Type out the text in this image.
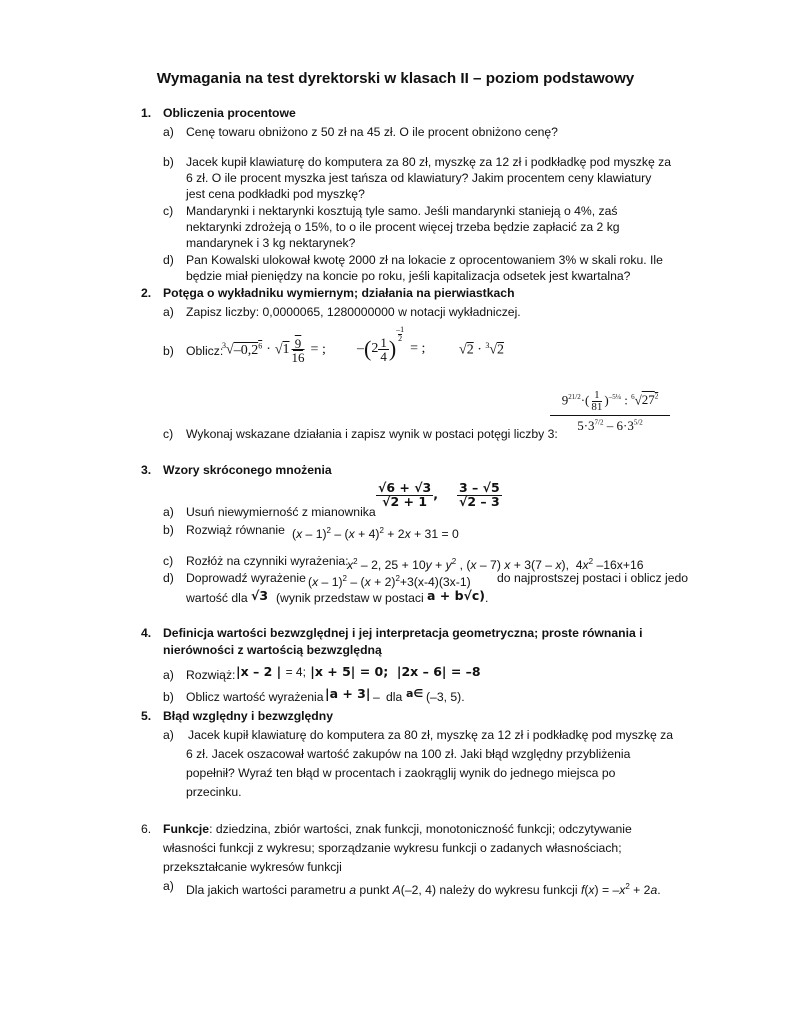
Wymagania na test dyrektorski w klasach II – poziom podstawowy
1. Obliczenia procentowe
a) Cenę towaru obniżono z 50 zł na 45 zł. O ile procent obniżono cenę?
b) Jacek kupił klawiaturę do komputera za 80 zł, myszkę za 12 zł i podkładkę pod myszkę za
6 zł. O ile procent myszka jest tańsza od klawiatury? Jakim procentem ceny klawiatury
jest cena podkładki pod myszkę?
c) Mandarynki i nektarynki kosztują tyle samo. Jeśli mandarynki stanieją o 4%, zaś
nektarynki zdrożeją o 15%, to o ile procent więcej trzeba będzie zapłacić za 2 kg
mandarynek i 3 kg nektarynek?
d) Pan Kowalski ulokował kwotę 2000 zł na lokacie z oprocentowaniem 3% w skali roku. Ile
będzie miał pieniędzy na koncie po roku, jeśli kapitalizacja odsetek jest kwartalna?
2. Potęga o wykładniku wymiernym; działania na pierwiastkach
a) Zapisz liczby: 0,0000065, 1280000000 w notacji wykładniczej.
b) Oblicz:
$^3√-0,2^6 \cdot √1 \frac{9}{16}$ = ; – ( $2 \frac{1}{4}$ )
$\frac{-1}{2}$
= ; √2 · $^3$√2
$9^{21/2}\cdot( \frac{1}{81} )^{-5\frac{1}{4}}$ : $^6√27^2$
$5\cdot 3^{7/2} - 6\cdot 3^{5/2}$
c) Wykonaj wskazane działania i zapisz wynik w postaci potęgi liczby 3:
3. Wzory skróconego mnożenia
$\frac{√6 + √3}{√2 + 1}$ , $\frac{3 - √5}{√2 - 3}$
a) Usuń niewymierność z mianownika
b) Rozwiąż równanie $(x - 1)^2 - (x + 4)^2 + 2x + 31 = 0$
c) Rozłóż na czynniki wyrażenia:
$x^2 - 2$, $25 + 10y + y^2$ , (x – 7) x + 3(7 – x),  $4x^2$ –16x+16
d) Doprowadź wyrażenie $(x - 1)^2 - (x + 2)^2+3(x-4)(3x-1)$ do najprostszej postaci i oblicz jedo
wartość dla √3 (wynik przedstaw w postaci a + b√c) .
4. Definicja wartości bezwzględnej i jej interpretacja geometryczna; proste równania i
nierówności z wartością bezwzględną
a) Rozwiąż: |x – 2 | = 4; |x + 5| = 0;  |2x – 6| = –8
b) Oblicz wartość wyrażenia |a + 3| – dla a∈ (–3, 5).
5. Błąd względny i bezwzględny
a) Jacek kupił klawiaturę do komputera za 80 zł, myszkę za 12 zł i podkładkę pod myszkę za
6 zł. Jacek oszacował wartość zakupów na 100 zł. Jaki błąd względny przybliżenia
popełnił? Wyraź ten błąd w procentach i zaokrąglij wynik do jednego miejsca po
przecinku.
6. Funkcje: dziedzina, zbiór wartości, znak funkcji, monotoniczność funkcji; odczytywanie
własności funkcji z wykresu; sporządzanie wykresu funkcji o zadanych własnościach;
przekształcanie wykresów funkcji
a) Dla jakich wartości parametru a punkt A(–2, 4) należy do wykresu funkcji $f(x) = -x^2 + 2a$.
